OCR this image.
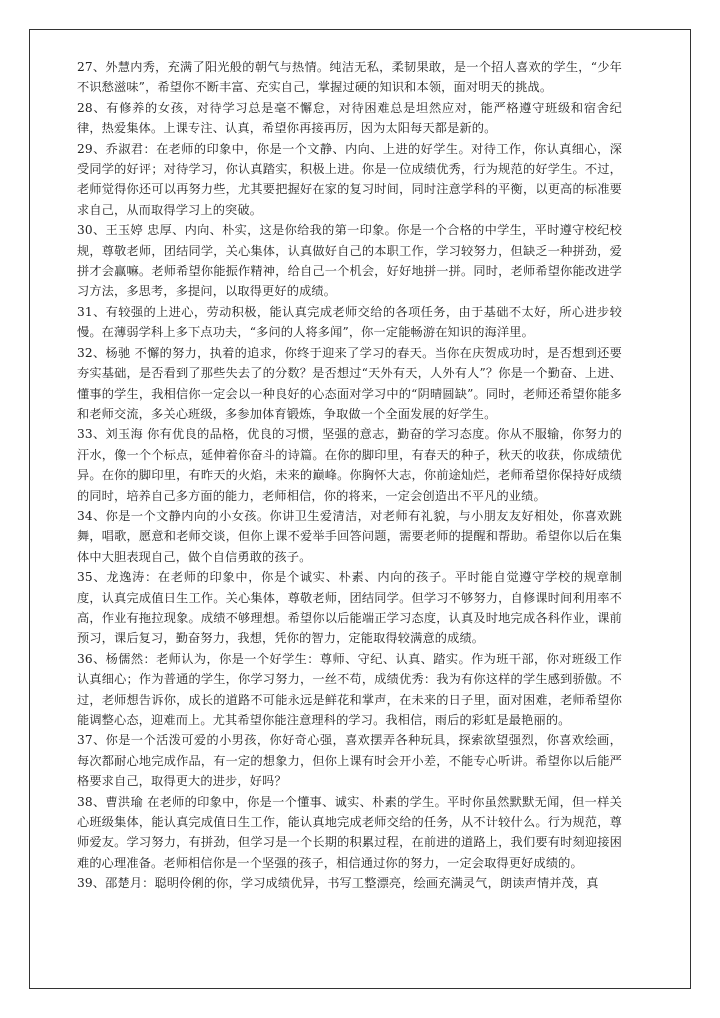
27、外慧内秀，充满了阳光般的朝气与热情。纯洁无私，柔韧果敢，是一个招人喜欢的学生，“少年不识愁滋味”，希望你不断丰富、充实自己，掌握过硬的知识和本领，面对明天的挑战。

28、有修养的女孩，对待学习总是毫不懈怠，对待困难总是坦然应对，能严格遵守班级和宿舍纪律，热爱集体。上课专注、认真，希望你再接再厉，因为太阳每天都是新的。

29、乔淑君：在老师的印象中，你是一个文静、内向、上进的好学生。对待工作，你认真细心，深受同学的好评；对待学习，你认真踏实，积极上进。你是一位成绩优秀，行为规范的好学生。不过，老师觉得你还可以再努力些，尤其要把握好在家的复习时间，同时注意学科的平衡，以更高的标准要求自己，从而取得学习上的突破。

30、王玉婷 忠厚、内向、朴实，这是你给我的第一印象。你是一个合格的中学生，平时遵守校纪校规，尊敬老师，团结同学，关心集体，认真做好自己的本职工作，学习较努力，但缺乏一种拼劲，爱拼才会赢嘛。老师希望你能振作精神，给自己一个机会，好好地拼一拼。同时，老师希望你能改进学习方法，多思考，多提问，以取得更好的成绩。

31、有较强的上进心，劳动积极，能认真完成老师交给的各项任务，由于基础不太好，所心进步较慢。在薄弱学科上多下点功夫，“多问的人将多闻”，你一定能畅游在知识的海洋里。

32、杨驰 不懈的努力，执着的追求，你终于迎来了学习的春天。当你在庆贺成功时，是否想到还要夯实基础，是否看到了那些失去了的分数？是否想过“天外有天，人外有人”？你是一个勤奋、上进、懂事的学生，我相信你一定会以一种良好的心态面对学习中的“阴晴圆缺”。同时，老师还希望你能多和老师交流，多关心班级，多参加体育锻炼，争取做一个全面发展的好学生。

33、刘玉海 你有优良的品格，优良的习惯，坚强的意志，勤奋的学习态度。你从不服输，你努力的汗水，像一个个标点，延伸着你奋斗的诗篇。在你的脚印里，有春天的种子，秋天的收获，你成绩优异。在你的脚印里，有昨天的火焰，未来的巅峰。你胸怀大志，你前途灿烂，老师希望你保持好成绩的同时，培养自己多方面的能力，老师相信，你的将来，一定会创造出不平凡的业绩。

34、你是一个文静内向的小女孩。你讲卫生爱清洁，对老师有礼貌，与小朋友友好相处，你喜欢跳舞，唱歌，愿意和老师交谈，但你上课不爱举手回答问题，需要老师的提醒和帮助。希望你以后在集体中大胆表现自己，做个自信勇敢的孩子。

35、龙逸涛：在老师的印象中，你是个诚实、朴素、内向的孩子。平时能自觉遵守学校的规章制度，认真完成值日生工作。关心集体，尊敬老师，团结同学。但学习不够努力，自修课时间利用率不高，作业有拖拉现象。成绩不够理想。希望你以后能端正学习态度，认真及时地完成各科作业，课前预习，课后复习，勤奋努力，我想，凭你的智力，定能取得较满意的成绩。

36、杨儒然：老师认为，你是一个好学生：尊师、守纪、认真、踏实。作为班干部，你对班级工作认真细心；作为普通的学生，你学习努力，一丝不苟，成绩优秀：我为有你这样的学生感到骄傲。不过，老师想告诉你，成长的道路不可能永远是鲜花和掌声，在未来的日子里，面对困难，老师希望你能调整心态，迎难而上。尤其希望你能注意理科的学习。我相信，雨后的彩虹是最艳丽的。

37、你是一个活泼可爱的小男孩，你好奇心强，喜欢摆弄各种玩具，探索欲望强烈，你喜欢绘画，每次都耐心地完成作品，有一定的想象力，但你上课有时会开小差，不能专心听讲。希望你以后能严格要求自己，取得更大的进步，好吗？

38、曹洪瑜 在老师的印象中，你是一个懂事、诚实、朴素的学生。平时你虽然默默无闻，但一样关心班级集体，能认真完成值日生工作，能认真地完成老师交给的任务，从不计较什么。行为规范，尊师爱友。学习努力，有拼劲，但学习是一个长期的积累过程，在前进的道路上，我们要有时刻迎接困难的心理准备。老师相信你是一个坚强的孩子，相信通过你的努力，一定会取得更好成绩的。

39、邵楚月：聪明伶俐的你，学习成绩优异，书写工整漂亮，绘画充满灵气，朗读声情并茂，真
